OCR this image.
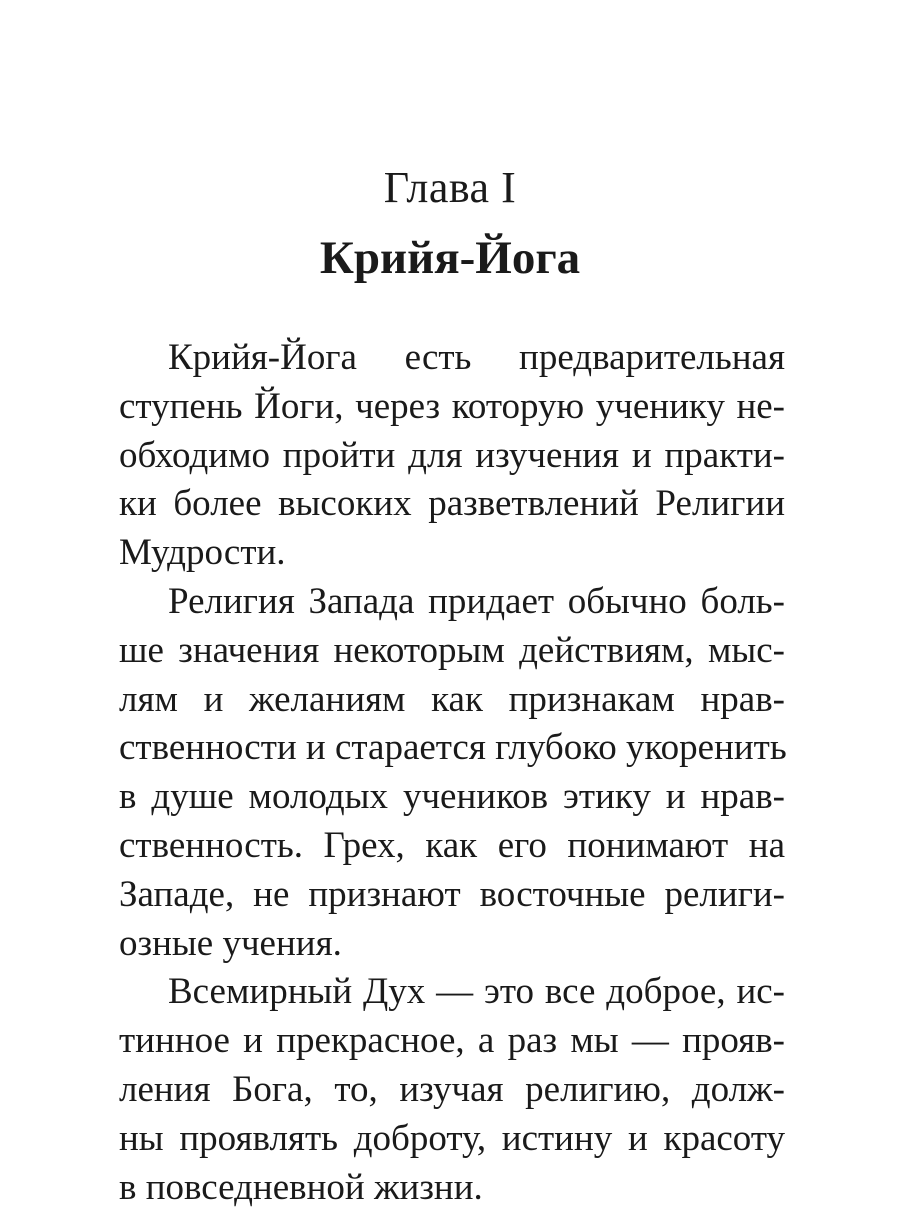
Глава I
Крийя-Йога
Крийя-Йога есть предварительная
ступень Йоги, через которую ученику не-
обходимо пройти для изучения и практи-
ки более высоких разветвлений Религии
Мудрости.
Религия Запада придает обычно боль-
ше значения некоторым действиям, мыс-
лям и желаниям как признакам нрав-
ственности и старается глубоко укоренить
в душе молодых учеников этику и нрав-
ственность. Грех, как его понимают на
Западе, не признают восточные религи-
озные учения.
Всемирный Дух — это все доброе, ис-
тинное и прекрасное, а раз мы — прояв-
ления Бога, то, изучая религию, долж-
ны проявлять доброту, истину и красоту
в повседневной жизни.
